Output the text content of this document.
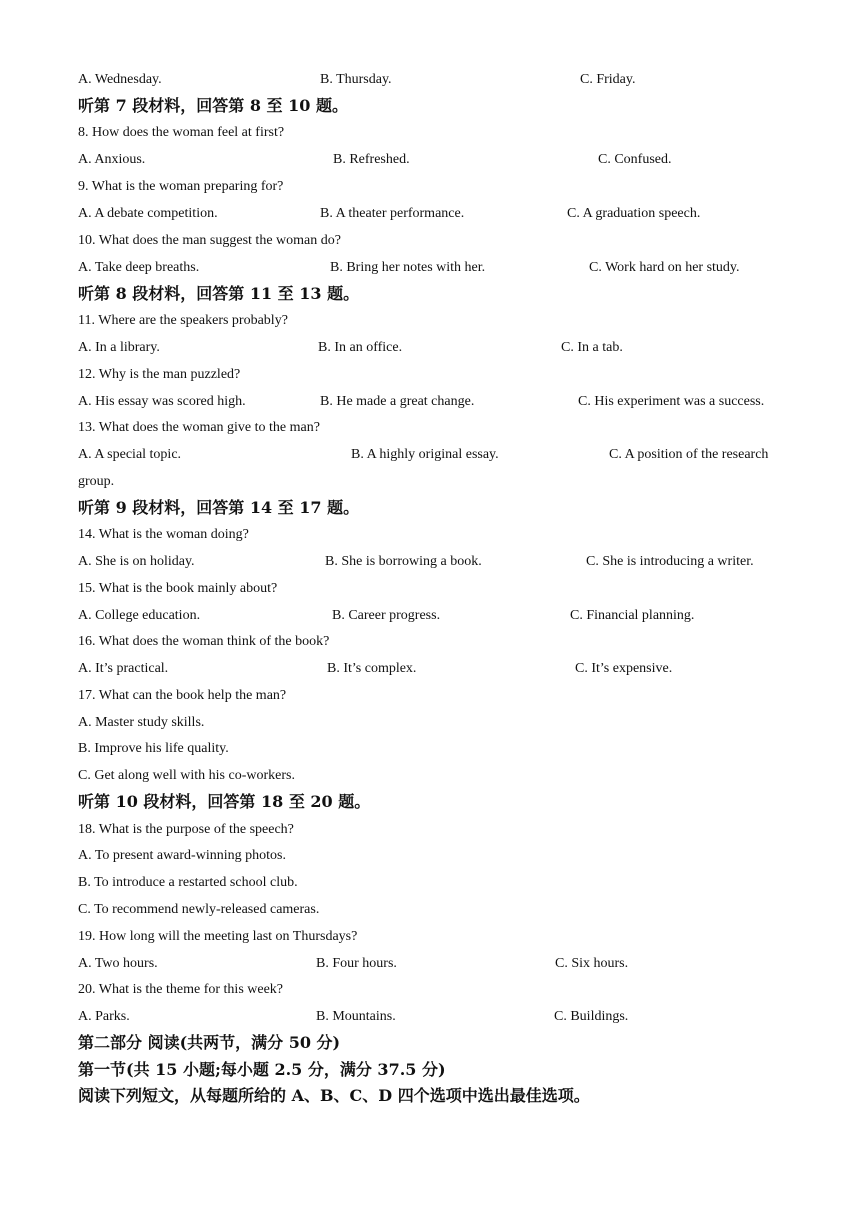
A. Wednesday.	B. Thursday.	C. Friday.
听第 7 段材料，回答第 8 至 10 题。
8. How does the woman feel at first?
A. Anxious.	B. Refreshed.	C. Confused.
9. What is the woman preparing for?
A. A debate competition.	B. A theater performance.	C. A graduation speech.
10. What does the man suggest the woman do?
A. Take deep breaths.	B. Bring her notes with her.	C. Work hard on her study.
听第 8 段材料，回答第 11 至 13 题。
11. Where are the speakers probably?
A. In a library.	B. In an office.	C. In a tab.
12. Why is the man puzzled?
A. His essay was scored high.	B. He made a great change.	C. His experiment was a success.
13. What does the woman give to the man?
A. A special topic.	B. A highly original essay.	C. A position of the research
group.
听第 9 段材料，回答第 14 至 17 题。
14. What is the woman doing?
A. She is on holiday.	B. She is borrowing a book.	C. She is introducing a writer.
15. What is the book mainly about?
A. College education.	B. Career progress.	C. Financial planning.
16. What does the woman think of the book?
A. It’s practical.	B. It’s complex.	C. It’s expensive.
17. What can the book help the man?
A. Master study skills.
B. Improve his life quality.
C. Get along well with his co-workers.
听第 10 段材料，回答第 18 至 20 题。
18. What is the purpose of the speech?
A. To present award-winning photos.
B. To introduce a restarted school club.
C. To recommend newly-released cameras.
19. How long will the meeting last on Thursdays?
A. Two hours.	B. Four hours.	C. Six hours.
20. What is the theme for this week?
A. Parks.	B. Mountains.	C. Buildings.
第二部分 阅读(共两节，满分 50 分)
第一节(共 15 小题;每小题 2.5 分，满分 37.5 分)
阅读下列短文，从每题所给的 A、B、C、D 四个选项中选出最佳选项。
